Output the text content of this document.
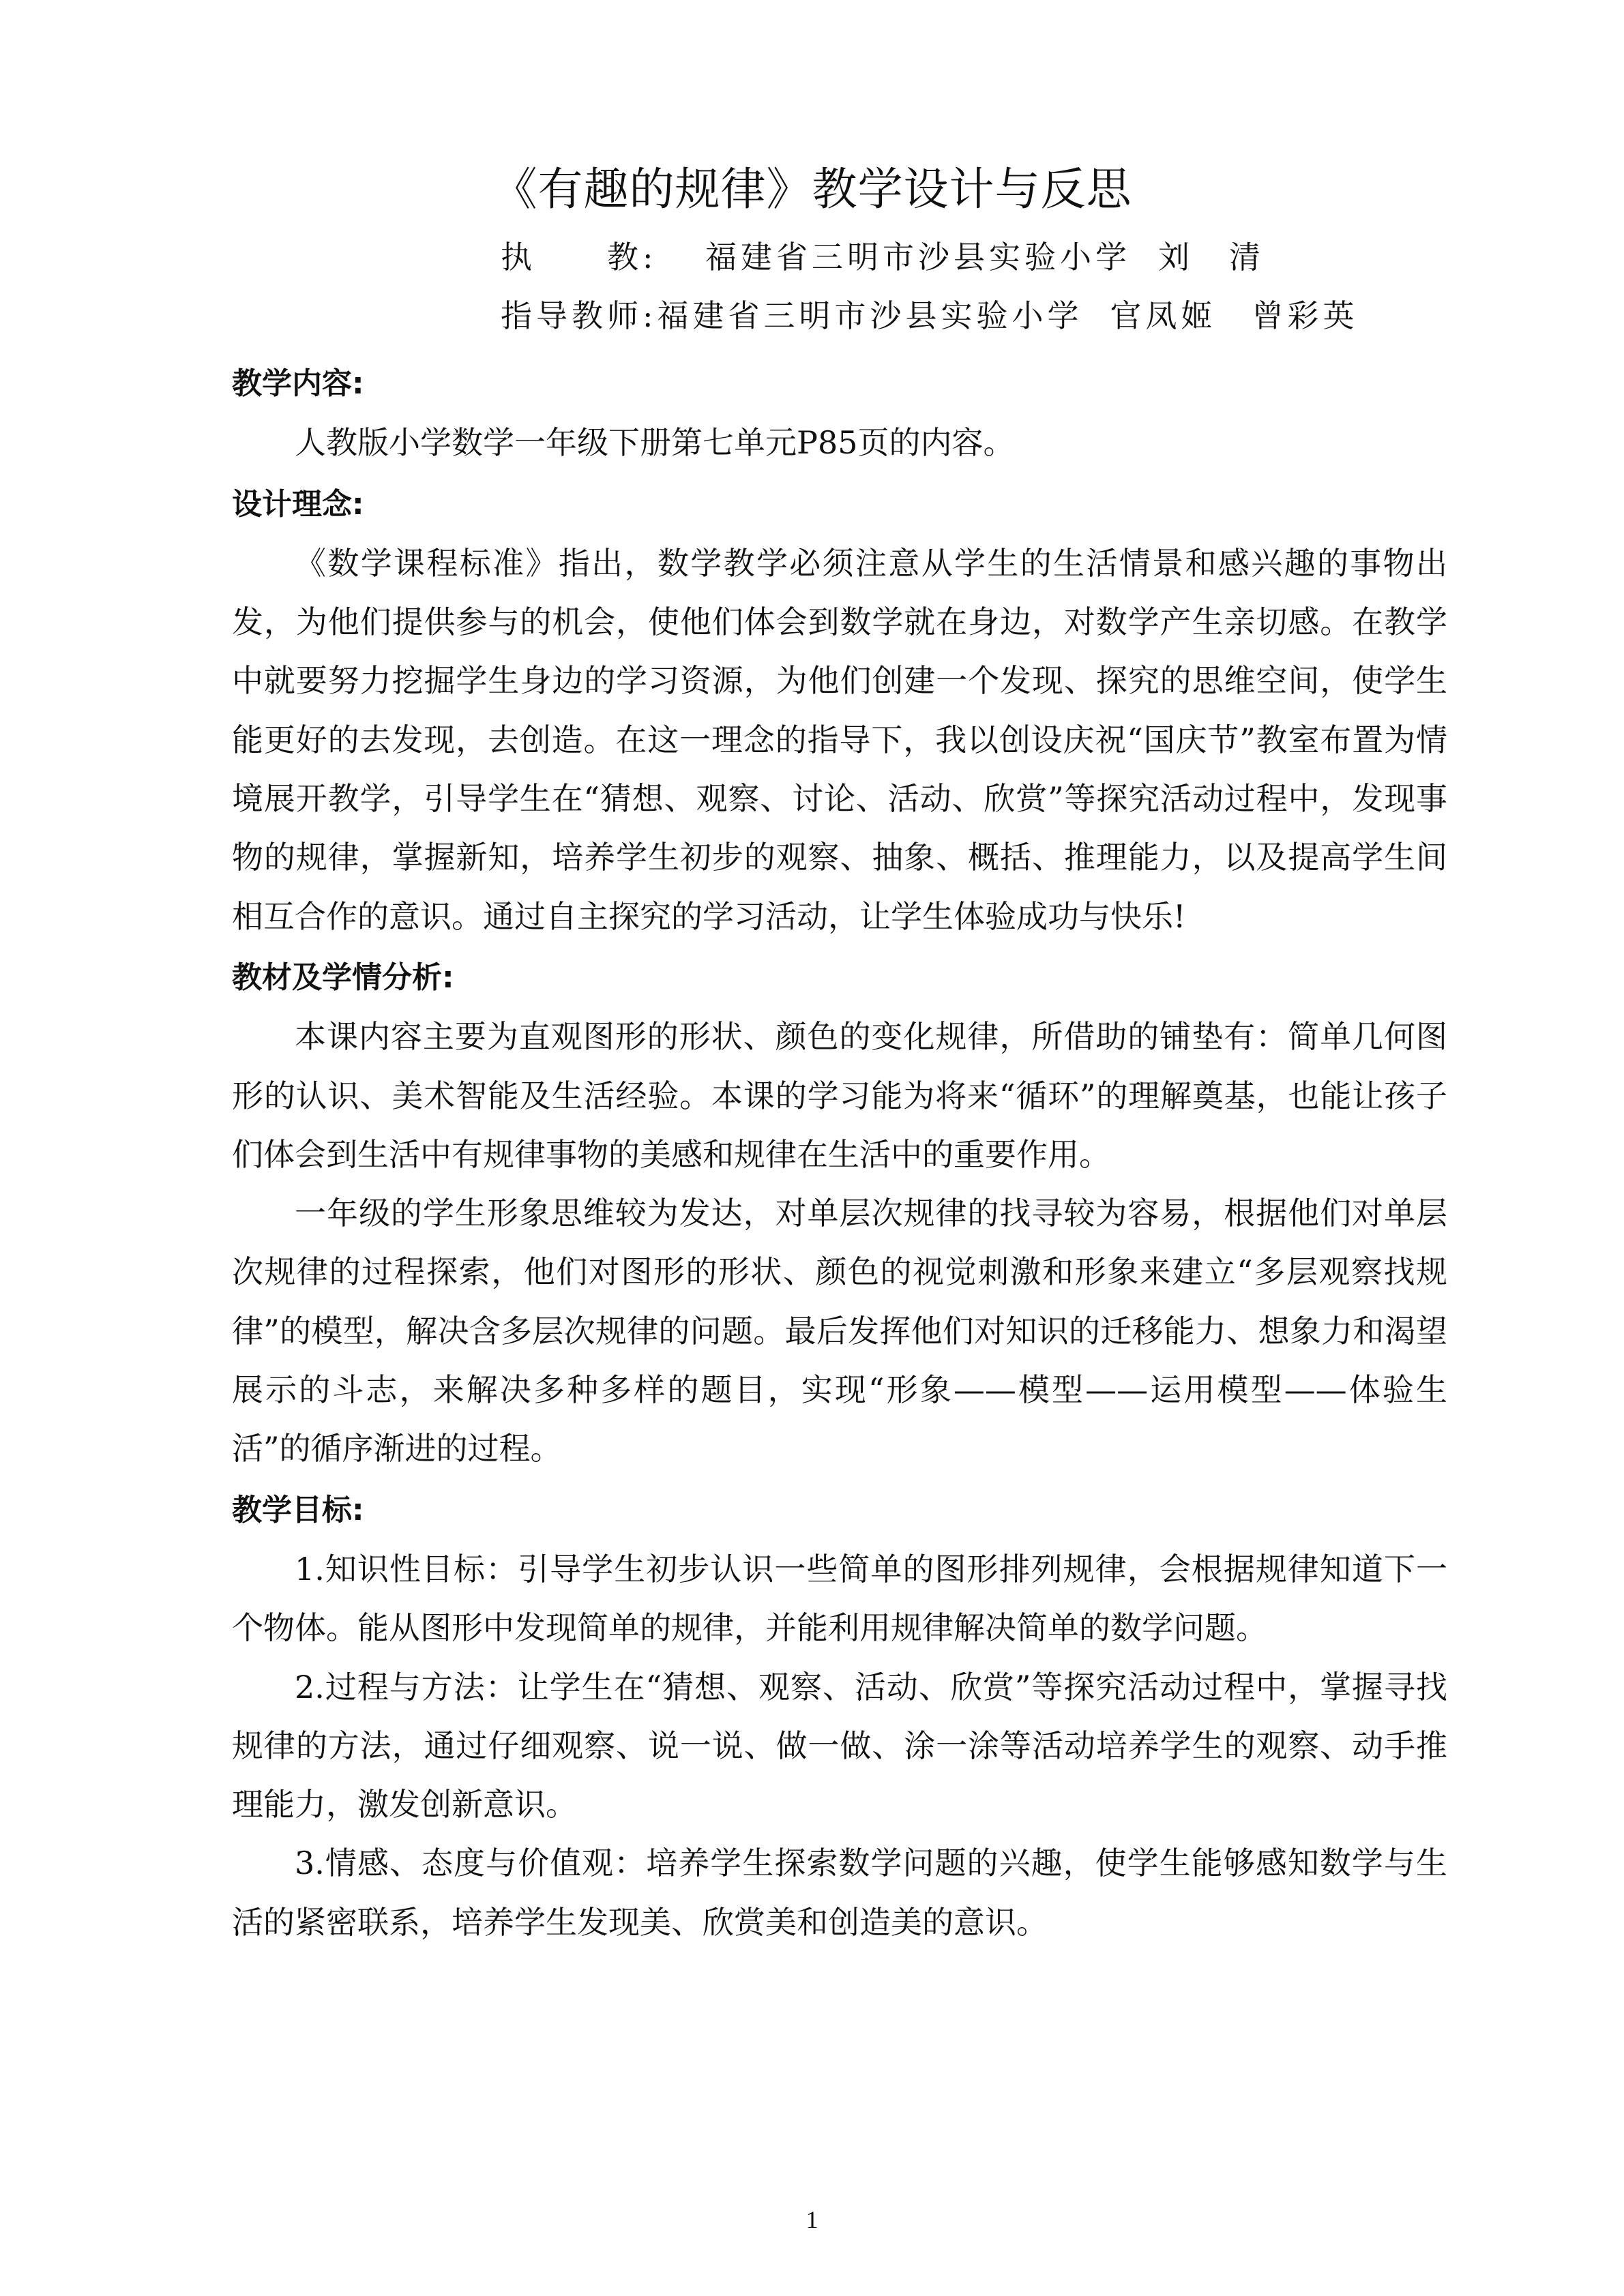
《有趣的规律》教学设计与反思
执　　教: 福建省三明市沙县实验小学 刘　清
指导教师:福建省三明市沙县实验小学 官凤姬　曾彩英
教学内容:
人教版小学数学一年级下册第七单元P85页的内容。
设计理念:
《数学课程标准》指出，数学教学必须注意从学生的生活情景和感兴趣的事物出发，为他们提供参与的机会，使他们体会到数学就在身边，对数学产生亲切感。在教学中就要努力挖掘学生身边的学习资源，为他们创建一个发现、探究的思维空间，使学生能更好的去发现，去创造。在这一理念的指导下，我以创设庆祝“国庆节”教室布置为情境展开教学，引导学生在“猜想、观察、讨论、活动、欣赏”等探究活动过程中，发现事物的规律，掌握新知，培养学生初步的观察、抽象、概括、推理能力，以及提高学生间相互合作的意识。通过自主探究的学习活动，让学生体验成功与快乐!
教材及学情分析:
本课内容主要为直观图形的形状、颜色的变化规律，所借助的铺垫有：简单几何图形的认识、美术智能及生活经验。本课的学习能为将来“循环”的理解奠基，也能让孩子们体会到生活中有规律事物的美感和规律在生活中的重要作用。
一年级的学生形象思维较为发达，对单层次规律的找寻较为容易，根据他们对单层次规律的过程探索，他们对图形的形状、颜色的视觉刺激和形象来建立“多层观察找规律”的模型，解决含多层次规律的问题。最后发挥他们对知识的迁移能力、想象力和渴望展示的斗志，来解决多种多样的题目，实现“形象——模型——运用模型——体验生活”的循序渐进的过程。
教学目标:
1.知识性目标：引导学生初步认识一些简单的图形排列规律，会根据规律知道下一个物体。能从图形中发现简单的规律，并能利用规律解决简单的数学问题。
2.过程与方法：让学生在“猜想、观察、活动、欣赏”等探究活动过程中，掌握寻找规律的方法，通过仔细观察、说一说、做一做、涂一涂等活动培养学生的观察、动手推理能力，激发创新意识。
3.情感、态度与价值观：培养学生探索数学问题的兴趣，使学生能够感知数学与生活的紧密联系，培养学生发现美、欣赏美和创造美的意识。
1
